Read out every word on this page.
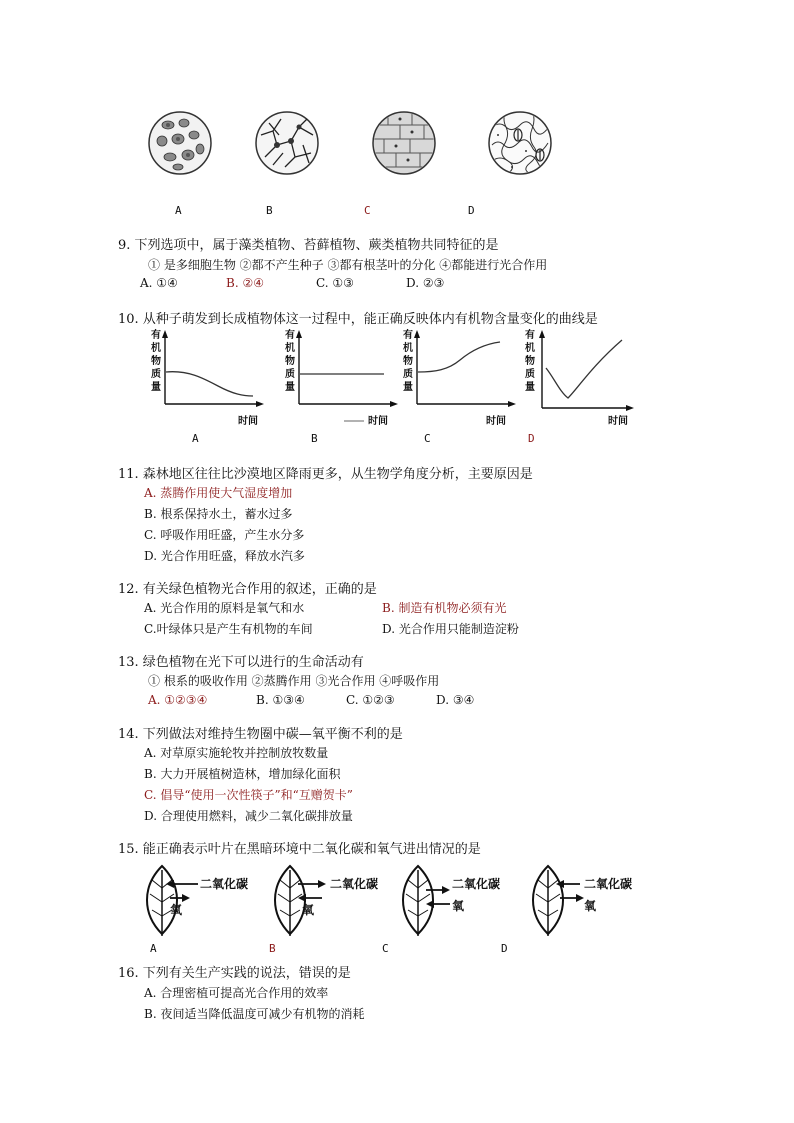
A	B	C	D
9. 下列选项中，属于藻类植物、苔藓植物、蕨类植物共同特征的是
① 是多细胞生物 ②都不产生种子 ③都有根茎叶的分化 ④都能进行光合作用
A. ①④	B. ②④	C. ①③	D. ②③
10. 从种子萌发到长成植物体这一过程中，能正确反映体内有机物含量变化的曲线是
有
机
物
质
量
时间
有
机
物
质
量
时间
有
机
物
质
量
时间
有
机
物
质
量
时间
A	B	C	D
11. 森林地区往往比沙漠地区降雨更多，从生物学角度分析，主要原因是
A. 蒸腾作用使大气湿度增加
B. 根系保持水土，蓄水过多
C. 呼吸作用旺盛，产生水分多
D. 光合作用旺盛，释放水汽多
12. 有关绿色植物光合作用的叙述，正确的是
A. 光合作用的原料是氧气和水	B. 制造有机物必须有光
C.叶绿体只是产生有机物的车间	D. 光合作用只能制造淀粉
13. 绿色植物在光下可以进行的生命活动有
① 根系的吸收作用 ②蒸腾作用 ③光合作用 ④呼吸作用
A. ①②③④	B. ①③④	C. ①②③	D. ③④
14. 下列做法对维持生物圈中碳—氧平衡不利的是
A. 对草原实施轮牧并控制放牧数量
B. 大力开展植树造林，增加绿化面积
C. 倡导“使用一次性筷子”和“互赠贺卡”
D. 合理使用燃料，减少二氧化碳排放量
15. 能正确表示叶片在黑暗环境中二氧化碳和氧气进出情况的是
二氧化碳
氧
二氧化碳
氧
二氧化碳
氧
二氧化碳
氧
A	B	C	D
16. 下列有关生产实践的说法，错误的是
A. 合理密植可提高光合作用的效率
B. 夜间适当降低温度可减少有机物的消耗
